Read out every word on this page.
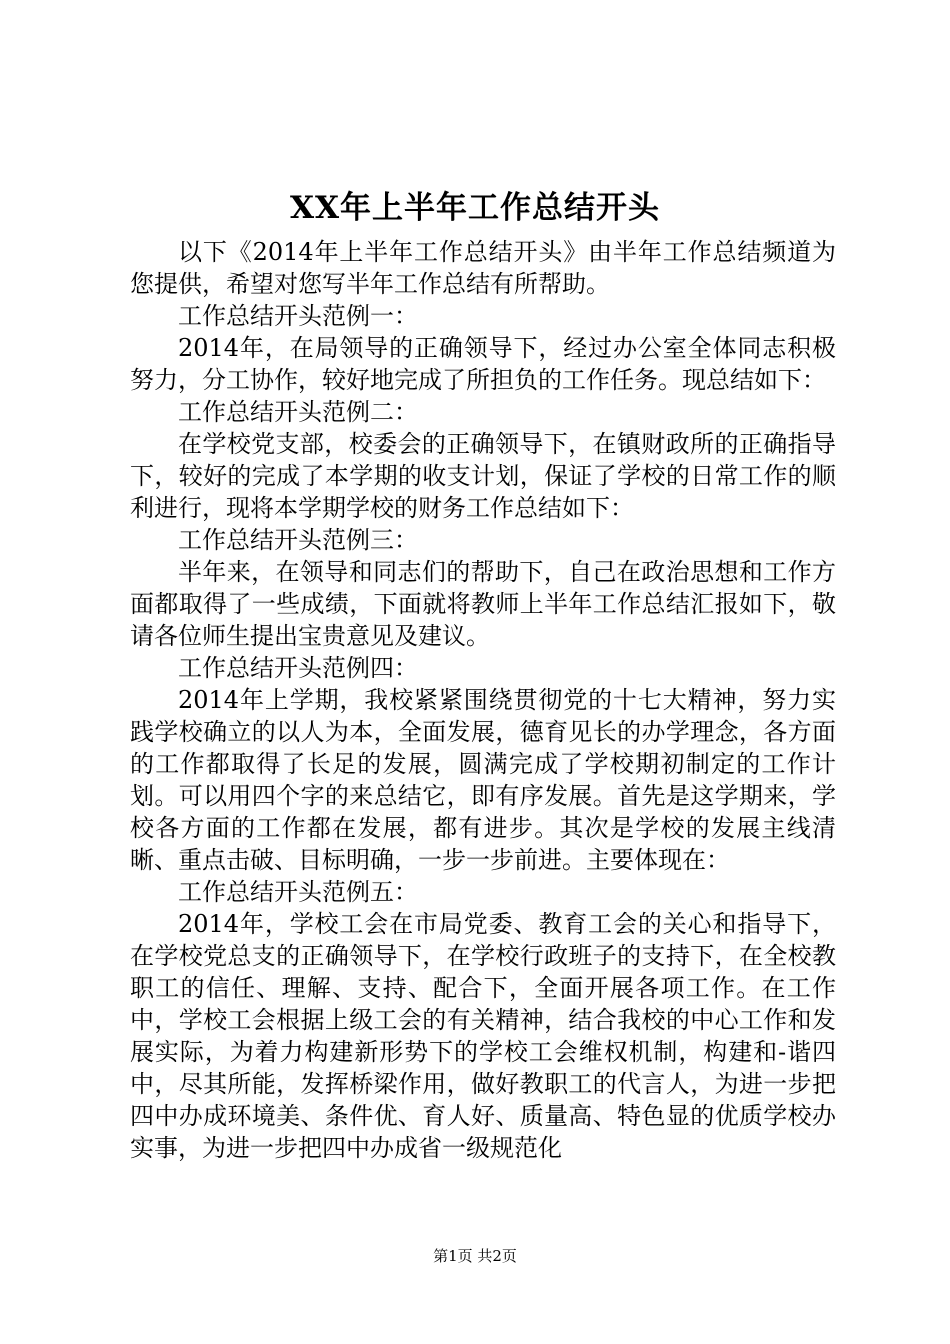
XX年上半年工作总结开头

以下《2014年上半年工作总结开头》由半年工作总结频道为您提供，希望对您写半年工作总结有所帮助。

工作总结开头范例一：

2014年，在局领导的正确领导下，经过办公室全体同志积极努力，分工协作，较好地完成了所担负的工作任务。现总结如下：

工作总结开头范例二：

在学校党支部，校委会的正确领导下，在镇财政所的正确指导下，较好的完成了本学期的收支计划，保证了学校的日常工作的顺利进行，现将本学期学校的财务工作总结如下：

工作总结开头范例三：

半年来，在领导和同志们的帮助下，自己在政治思想和工作方面都取得了一些成绩，下面就将教师上半年工作总结汇报如下，敬请各位师生提出宝贵意见及建议。

工作总结开头范例四：

2014年上学期，我校紧紧围绕贯彻党的十七大精神，努力实践学校确立的以人为本，全面发展，德育见长的办学理念，各方面的工作都取得了长足的发展，圆满完成了学校期初制定的工作计划。可以用四个字的来总结它，即有序发展。首先是这学期来，学校各方面的工作都在发展，都有进步。其次是学校的发展主线清晰、重点击破、目标明确，一步一步前进。主要体现在：

工作总结开头范例五：

2014年，学校工会在市局党委、教育工会的关心和指导下，在学校党总支的正确领导下，在学校行政班子的支持下，在全校教职工的信任、理解、支持、配合下，全面开展各项工作。在工作中，学校工会根据上级工会的有关精神，结合我校的中心工作和发展实际，为着力构建新形势下的学校工会维权机制，构建和-谐四中，尽其所能，发挥桥梁作用，做好教职工的代言人，为进一步把四中办成环境美、条件优、育人好、质量高、特色显的优质学校办实事，为进一步把四中办成省一级规范化

第1页 共2页
